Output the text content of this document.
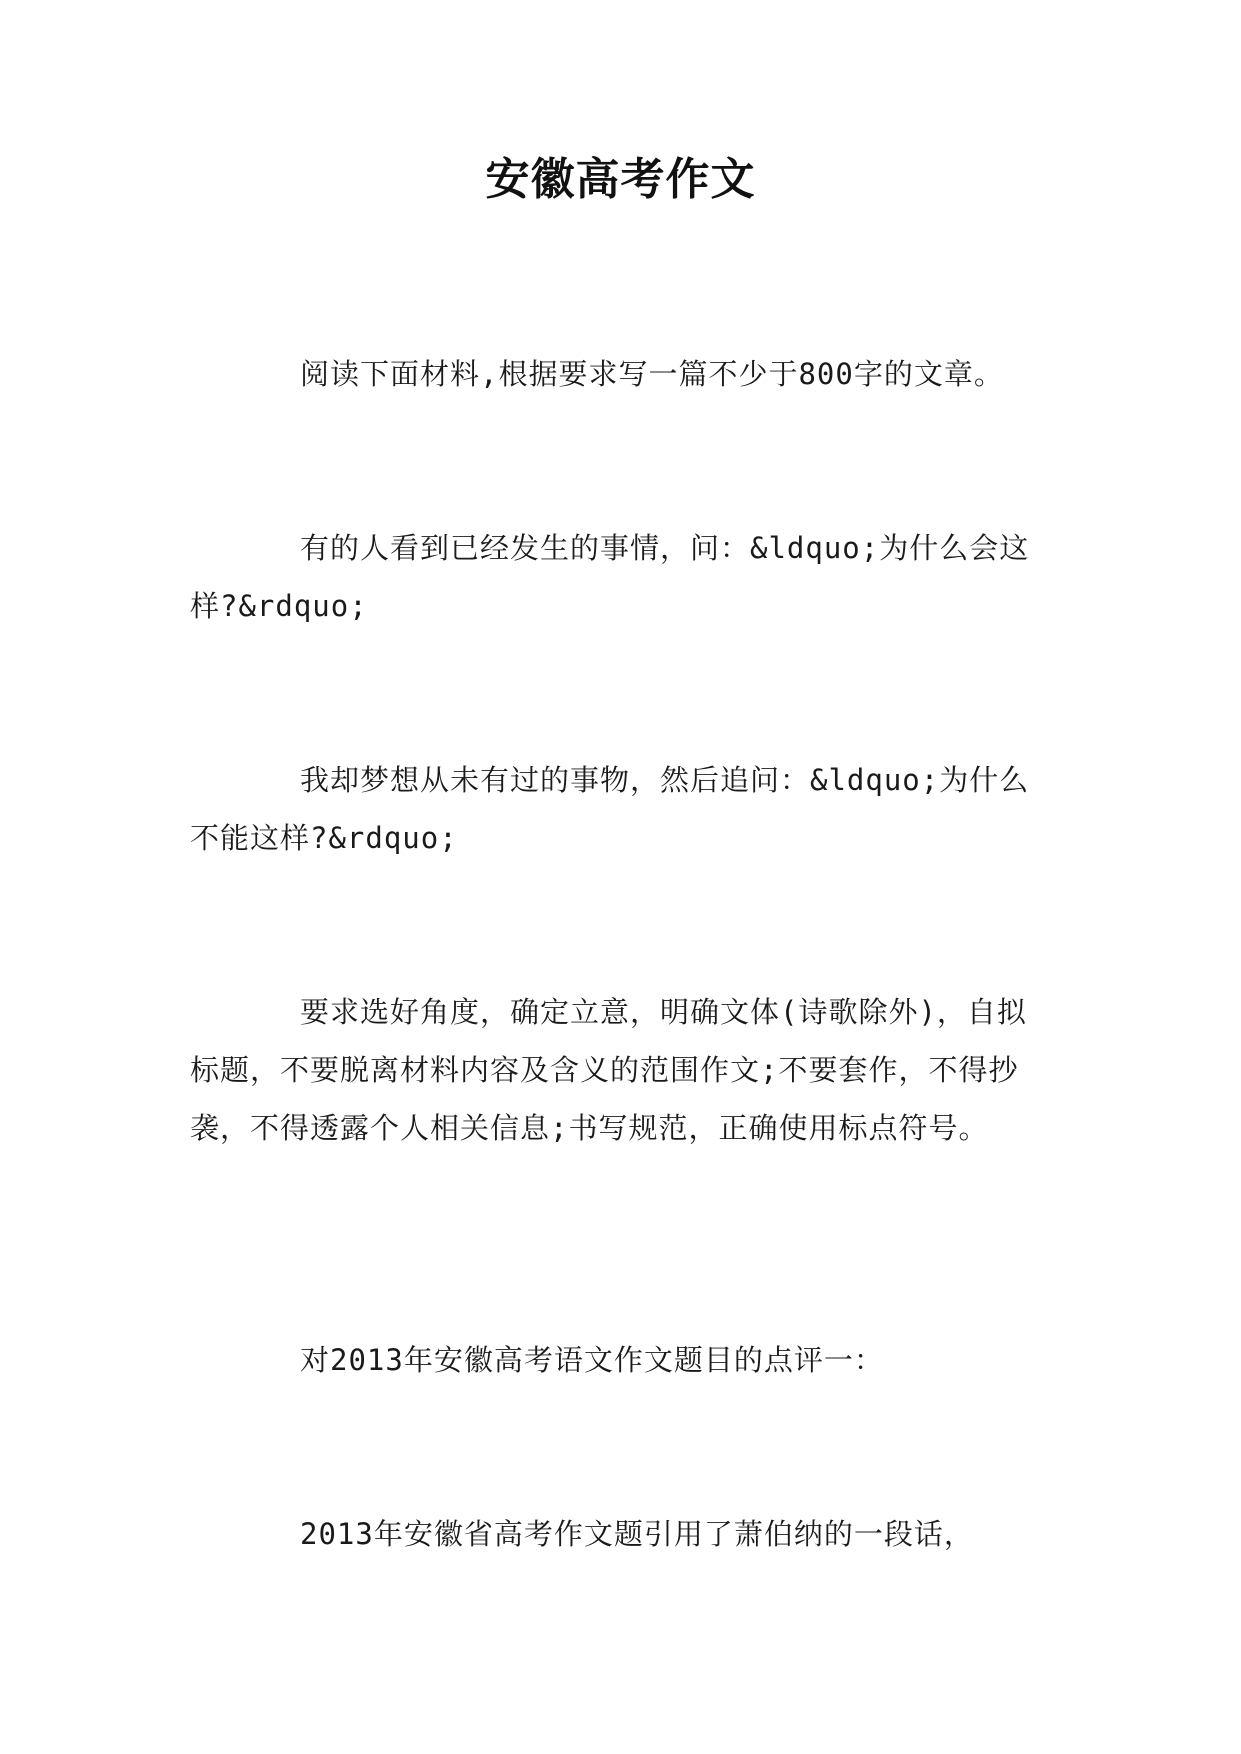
安徽高考作文

阅读下面材料,根据要求写一篇不少于800字的文章。

有的人看到已经发生的事情，问：&ldquo;为什么会这样?&rdquo;

我却梦想从未有过的事物，然后追问：&ldquo;为什么不能这样?&rdquo;

要求选好角度，确定立意，明确文体(诗歌除外)，自拟标题，不要脱离材料内容及含义的范围作文;不要套作，不得抄袭，不得透露个人相关信息;书写规范，正确使用标点符号。

对2013年安徽高考语文作文题目的点评一：

2013年安徽省高考作文题引用了萧伯纳的一段话，
